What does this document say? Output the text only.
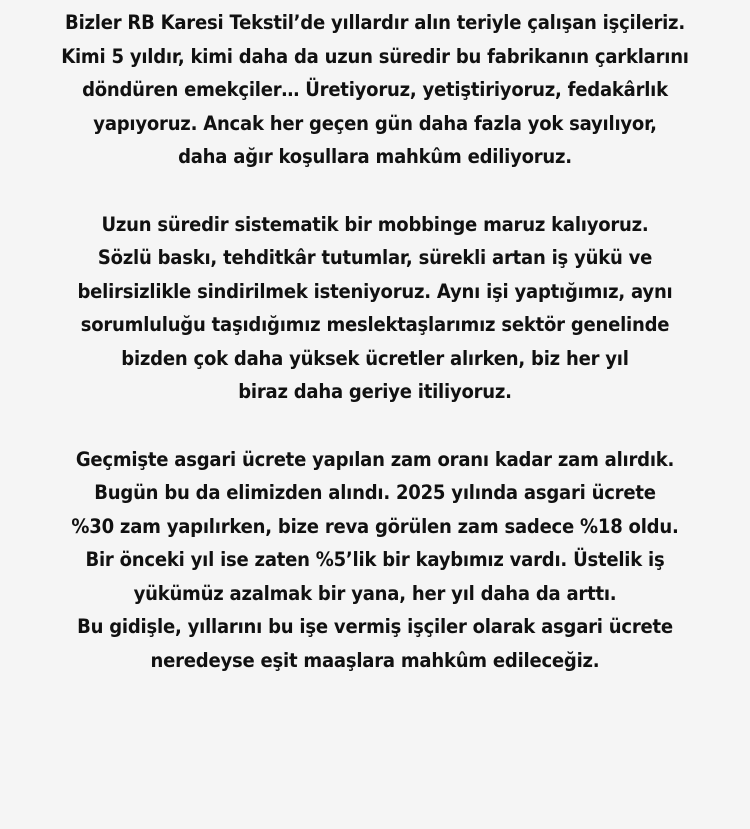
Bizler RB Karesi Tekstil’de yıllardır alın teriyle çalışan işçileriz.
Kimi 5 yıldır, kimi daha da uzun süredir bu fabrikanın çarklarını
döndüren emekçiler… Üretiyoruz, yetiştiriyoruz, fedakârlık
yapıyoruz. Ancak her geçen gün daha fazla yok sayılıyor,
daha ağır koşullara mahkûm ediliyoruz.
Uzun süredir sistematik bir mobbinge maruz kalıyoruz.
Sözlü baskı, tehditkâr tutumlar, sürekli artan iş yükü ve
belirsizlikle sindirilmek isteniyoruz. Aynı işi yaptığımız, aynı
sorumluluğu taşıdığımız meslektaşlarımız sektör genelinde
bizden çok daha yüksek ücretler alırken, biz her yıl
biraz daha geriye itiliyoruz.
Geçmişte asgari ücrete yapılan zam oranı kadar zam alırdık.
Bugün bu da elimizden alındı. 2025 yılında asgari ücrete
%30 zam yapılırken, bize reva görülen zam sadece %18 oldu.
Bir önceki yıl ise zaten %5’lik bir kaybımız vardı. Üstelik iş
yükümüz azalmak bir yana, her yıl daha da arttı.
Bu gidişle, yıllarını bu işe vermiş işçiler olarak asgari ücrete
neredeyse eşit maaşlara mahkûm edileceğiz.
